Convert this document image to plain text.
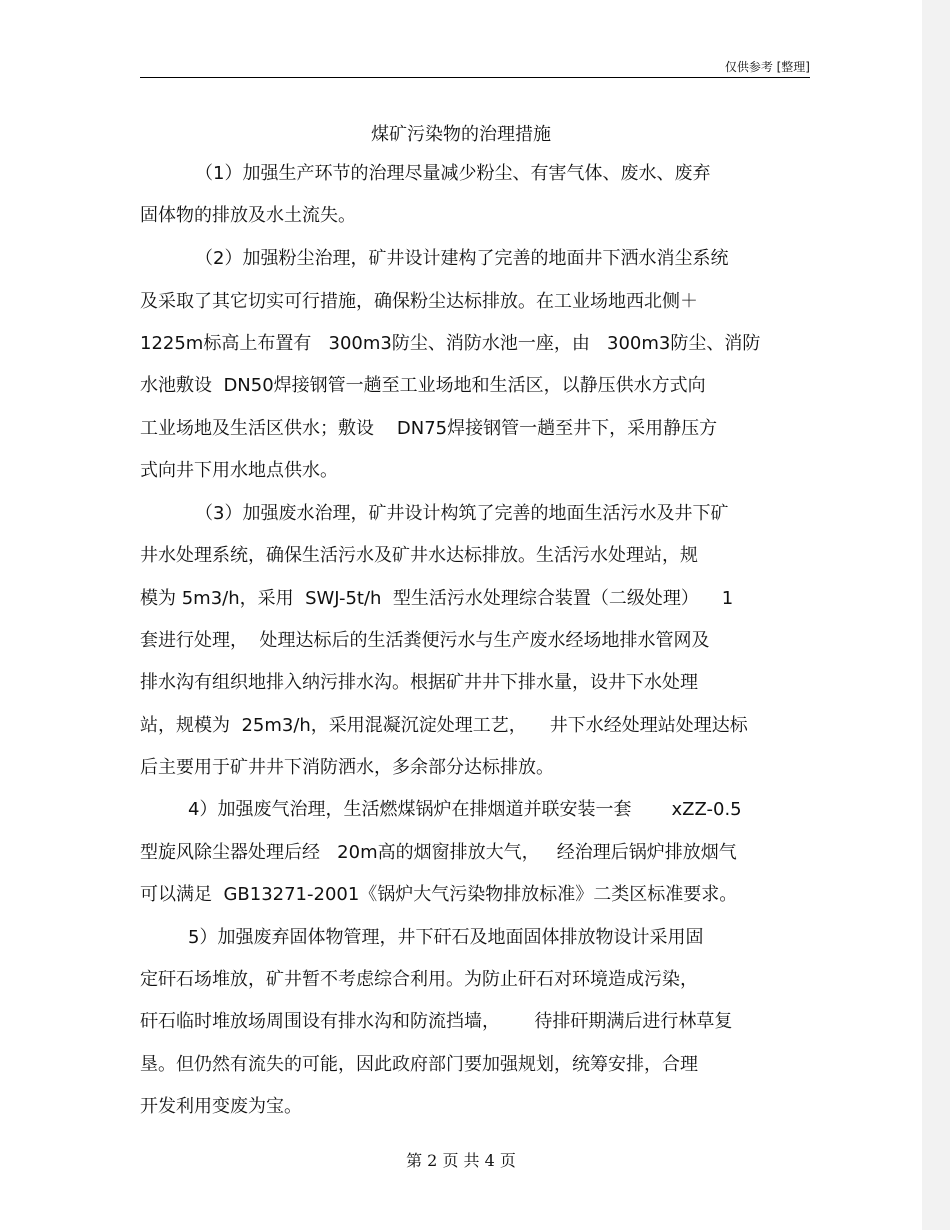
仅供参考 [整理]
煤矿污染物的治理措施
（1）加强生产环节的治理尽量减少粉尘、有害气体、废水、废弃
固体物的排放及水土流失。
（2）加强粉尘治理，矿井设计建构了完善的地面井下洒水消尘系统
及采取了其它切实可行措施，确保粉尘达标排放。在工业场地西北侧＋
1225m标高上布置有   300m3防尘、消防水池一座，由   300m3防尘、消防
水池敷设  DN50焊接钢管一趟至工业场地和生活区，以静压供水方式向
工业场地及生活区供水；敷设    DN75焊接钢管一趟至井下，采用静压方
式向井下用水地点供水。
（3）加强废水治理，矿井设计构筑了完善的地面生活污水及井下矿
井水处理系统，确保生活污水及矿井水达标排放。生活污水处理站，规
模为 5m3/h，采用  SWJ-5t/h  型生活污水处理综合装置（二级处理）    1
套进行处理，  处理达标后的生活粪便污水与生产废水经场地排水管网及
排水沟有组织地排入纳污排水沟。根据矿井井下排水量，设井下水处理
站，规模为  25m3/h，采用混凝沉淀处理工艺，    井下水经处理站处理达标
后主要用于矿井井下消防洒水，多余部分达标排放。
4）加强废气治理，生活燃煤锅炉在排烟道并联安装一套       xZZ-0.5
型旋风除尘器处理后经   20m高的烟窗排放大气，   经治理后锅炉排放烟气
可以满足  GB13271-2001《锅炉大气污染物排放标准》二类区标准要求。
5）加强废弃固体物管理，井下矸石及地面固体排放物设计采用固
定矸石场堆放，矿井暂不考虑综合利用。为防止矸石对环境造成污染，
矸石临时堆放场周围设有排水沟和防流挡墙，      待排矸期满后进行林草复
垦。但仍然有流失的可能，因此政府部门要加强规划，统筹安排，合理
开发利用变废为宝。
第 2 页 共 4 页
